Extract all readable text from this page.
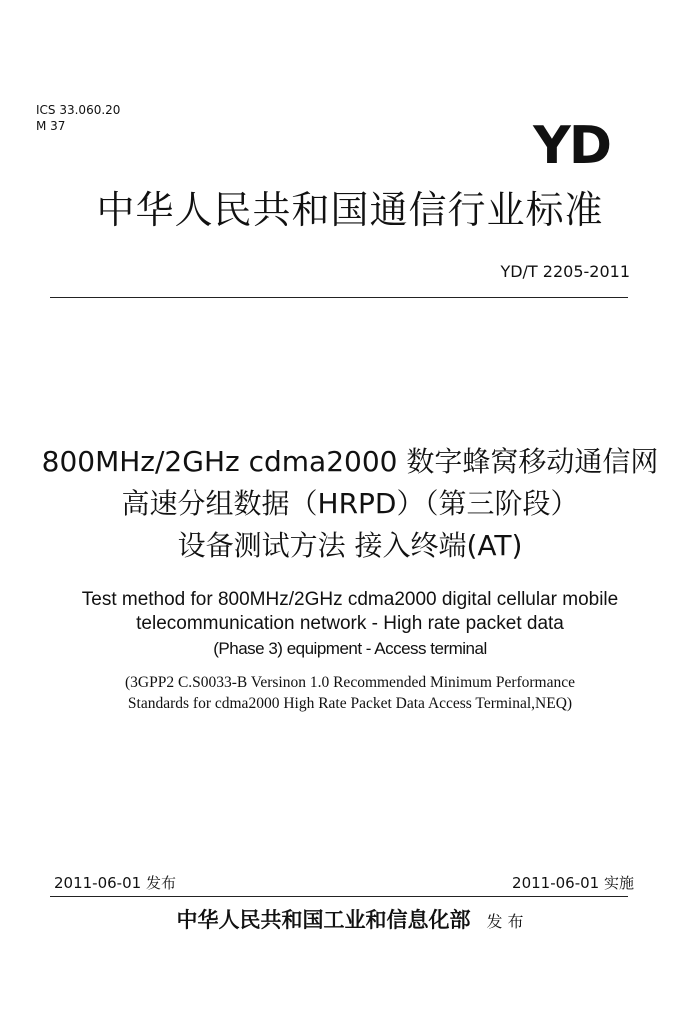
ICS 33.060.20
M 37	YD
中华人民共和国通信行业标准
YD/T 2205-2011
800MHz/2GHz cdma2000 数字蜂窝移动通信网
高速分组数据（HRPD）（第三阶段）
设备测试方法 接入终端(AT)
Test method for 800MHz/2GHz cdma2000 digital cellular mobile
telecommunication network - High rate packet data
(Phase 3) equipment - Access terminal
(3GPP2 C.S0033-B Versinon 1.0 Recommended Minimum Performance
Standards for cdma2000 High Rate Packet Data Access Terminal,NEQ)
2011-06-01 发布	2011-06-01 实施
中华人民共和国工业和信息化部 发 布
